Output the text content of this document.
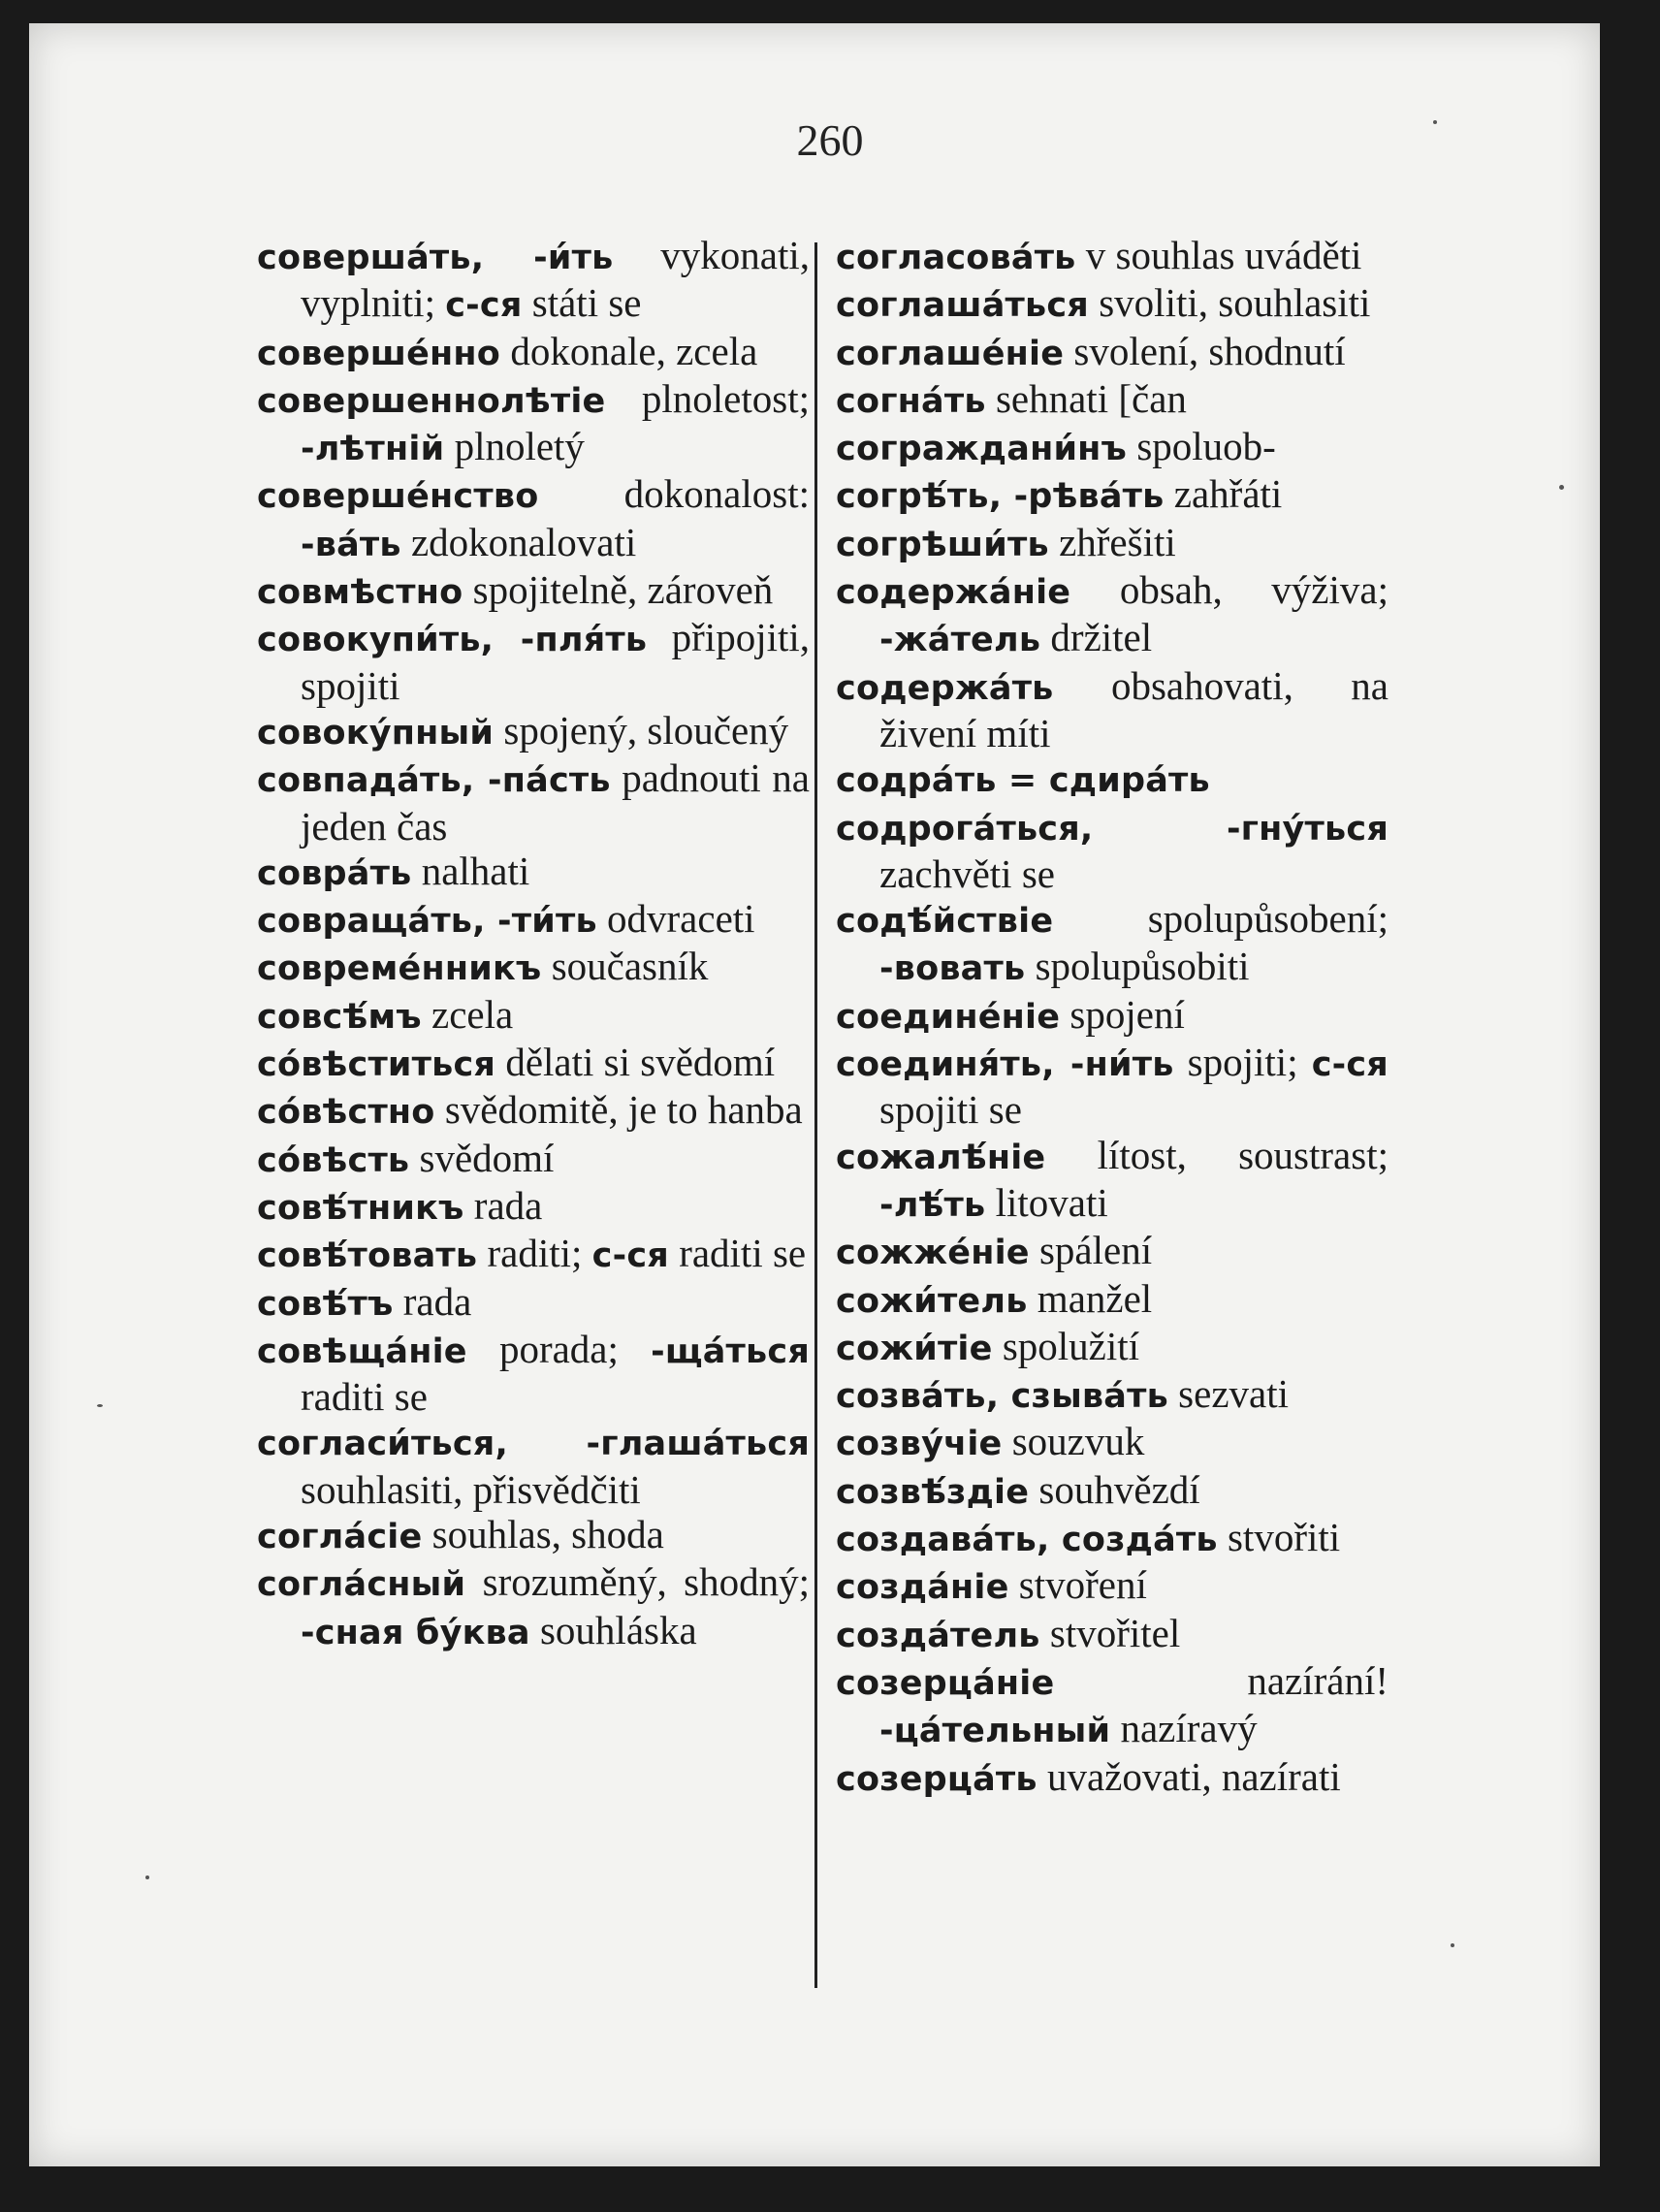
260
совершáть, -и́ть vykonati, vyplniti; с-ся státi se
совершéнно dokonale, zcela
совершеннолѣтіе plnoletost; -лѣтній plnoletý
совершéнство dokonalost: -вáть zdokonalovati
совмѣстно spojitelně, zároveň
совокупи́ть, -пля́ть připojiti, spojiti
совокýпный spojený, sloučený
совпадáть, -пáсть padnouti na jeden čas
соврáть nalhati
совращáть, -ти́ть odvraceti
совремéнникъ současník
совсѣ́мъ zcela
сóвѣститься dělati si svědomí
сóвѣстно svědomitě, je to hanba
сóвѣсть svědomí
совѣ́тникъ rada
совѣ́товать raditi; с-ся raditi se
совѣ́тъ rada
совѣщáніе porada; -щáться raditi se
согласи́ться, -глашáться souhlasiti, přisvědčiti
соглáсіе souhlas, shoda
соглáсный srozuměný, shodný; -сная бýква souhláska
согласовáть v souhlas uváděti
соглашáться svoliti, souhlasiti
соглашéніе svolení, shodnutí
согнáть sehnati [čan
сограждани́нъ spoluob-
согрѣ́ть, -рѣвáть zahřáti
согрѣши́ть zhřešiti
содержáніе obsah, výživa; -жáтель držitel
содержáть obsahovati, na živení míti
содрáть = сдирáть
содрогáться, -гнýться zachvěti se
содѣ́йствіе spolupůsobení; -вовать spolupůsobiti
соединéніе spojení
соединя́ть, -ни́ть spojiti; с-ся spojiti se
сожалѣ́ніе lítost, soustrast; -лѣ́ть litovati
сожжéніе spálení
сожи́тель manžel
сожи́тіе spolužití
созвáть, сзывáть sezvati
созвýчіе souzvuk
созвѣ́здіе souhvězdí
создавáть, создáть stvořiti
создáніе stvoření
создáтель stvořitel
созерцáніе nazírání! -цáтельный nazíravý
созерцáть uvažovati, nazírati
